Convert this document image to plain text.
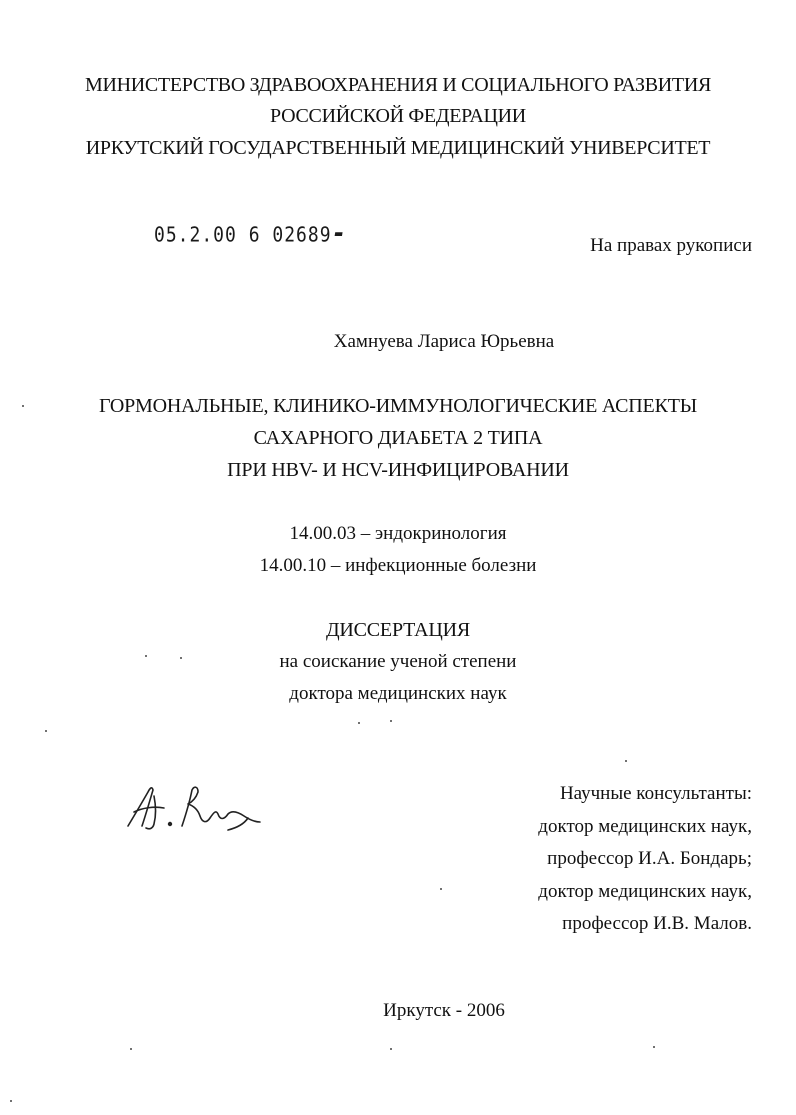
МИНИСТЕРСТВО ЗДРАВООХРАНЕНИЯ И СОЦИАЛЬНОГО РАЗВИТИЯ
РОССИЙСКОЙ ФЕДЕРАЦИИ
ИРКУТСКИЙ ГОСУДАРСТВЕННЫЙ МЕДИЦИНСКИЙ УНИВЕРСИТЕТ
05.2.00 6 02689-	На правах рукописи
Хамнуева Лариса Юрьевна
ГОРМОНАЛЬНЫЕ, КЛИНИКО-ИММУНОЛОГИЧЕСКИЕ АСПЕКТЫ
САХАРНОГО ДИАБЕТА 2 ТИПА
ПРИ HBV- И HCV-ИНФИЦИРОВАНИИ
14.00.03 – эндокринология
14.00.10 – инфекционные болезни
ДИССЕРТАЦИЯ
на соискание ученой степени
доктора медицинских наук
Научные консультанты:
доктор медицинских наук,
профессор И.А. Бондарь;
доктор медицинских наук,
профессор И.В. Малов.
Иркутск - 2006
